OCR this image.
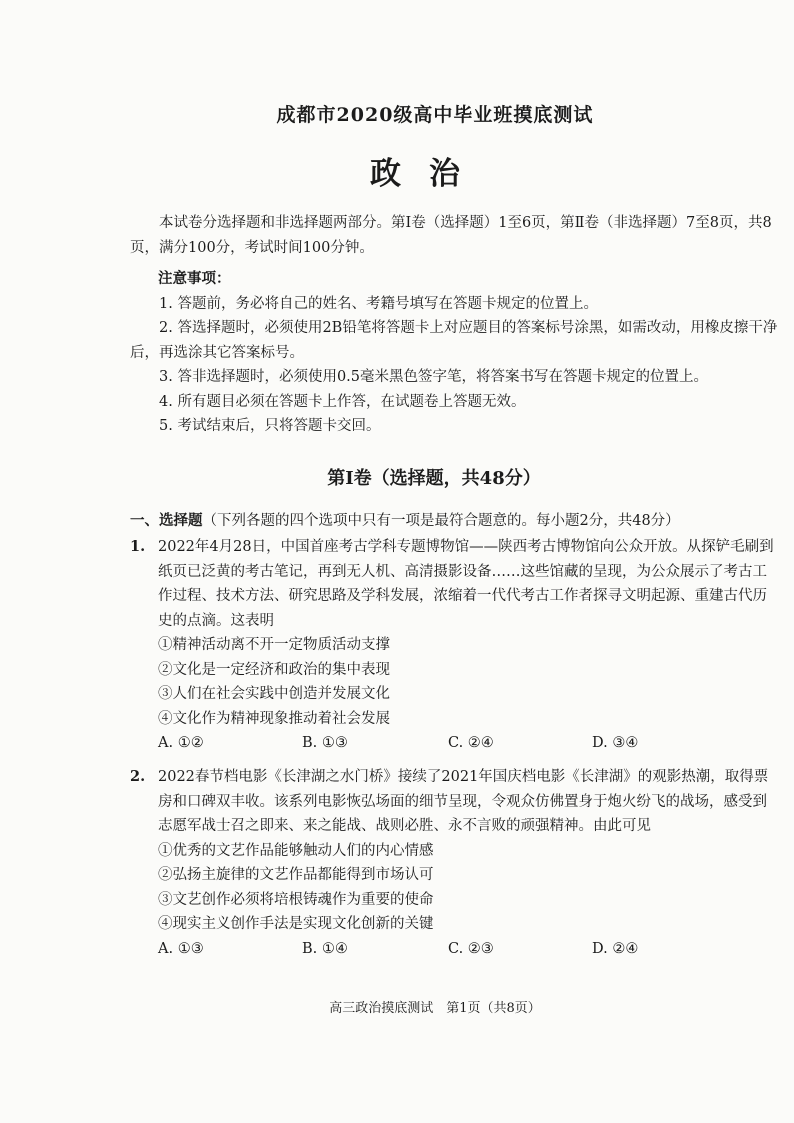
成都市2020级高中毕业班摸底测试
政治

本试卷分选择题和非选择题两部分。第Ⅰ卷（选择题）1至6页，第Ⅱ卷（非选择题）7至8页，共8页，满分100分，考试时间100分钟。

注意事项：

1. 答题前，务必将自己的姓名、考籍号填写在答题卡规定的位置上。

2. 答选择题时，必须使用2B铅笔将答题卡上对应题目的答案标号涂黑，如需改动，用橡皮擦干净后，再选涂其它答案标号。

3. 答非选择题时，必须使用0.5毫米黑色签字笔，将答案书写在答题卡规定的位置上。

4. 所有题目必须在答题卡上作答，在试题卷上答题无效。

5. 考试结束后，只将答题卡交回。

第Ⅰ卷（选择题，共48分）
一、选择题（下列各题的四个选项中只有一项是最符合题意的。每小题2分，共48分）
1. 2022年4月28日，中国首座考古学科专题博物馆——陕西考古博物馆向公众开放。从探铲毛刷到纸页已泛黄的考古笔记，再到无人机、高清摄影设备……这些馆藏的呈现，为公众展示了考古工作过程、技术方法、研究思路及学科发展，浓缩着一代代考古工作者探寻文明起源、重建古代历史的点滴。这表明

①精神活动离不开一定物质活动支撑

②文化是一定经济和政治的集中表现

③人们在社会实践中创造并发展文化

④文化作为精神现象推动着社会发展

A. ①②	B. ①③	C. ②④	D. ③④
2. 2022春节档电影《长津湖之水门桥》接续了2021年国庆档电影《长津湖》的观影热潮，取得票房和口碑双丰收。该系列电影恢弘场面的细节呈现，令观众仿佛置身于炮火纷飞的战场，感受到志愿军战士召之即来、来之能战、战则必胜、永不言败的顽强精神。由此可见

①优秀的文艺作品能够触动人们的内心情感

②弘扬主旋律的文艺作品都能得到市场认可

③文艺创作必须将培根铸魂作为重要的使命

④现实主义创作手法是实现文化创新的关键

A. ①③	B. ①④	C. ②③	D. ②④
高三政治摸底测试　第1页（共8页）
